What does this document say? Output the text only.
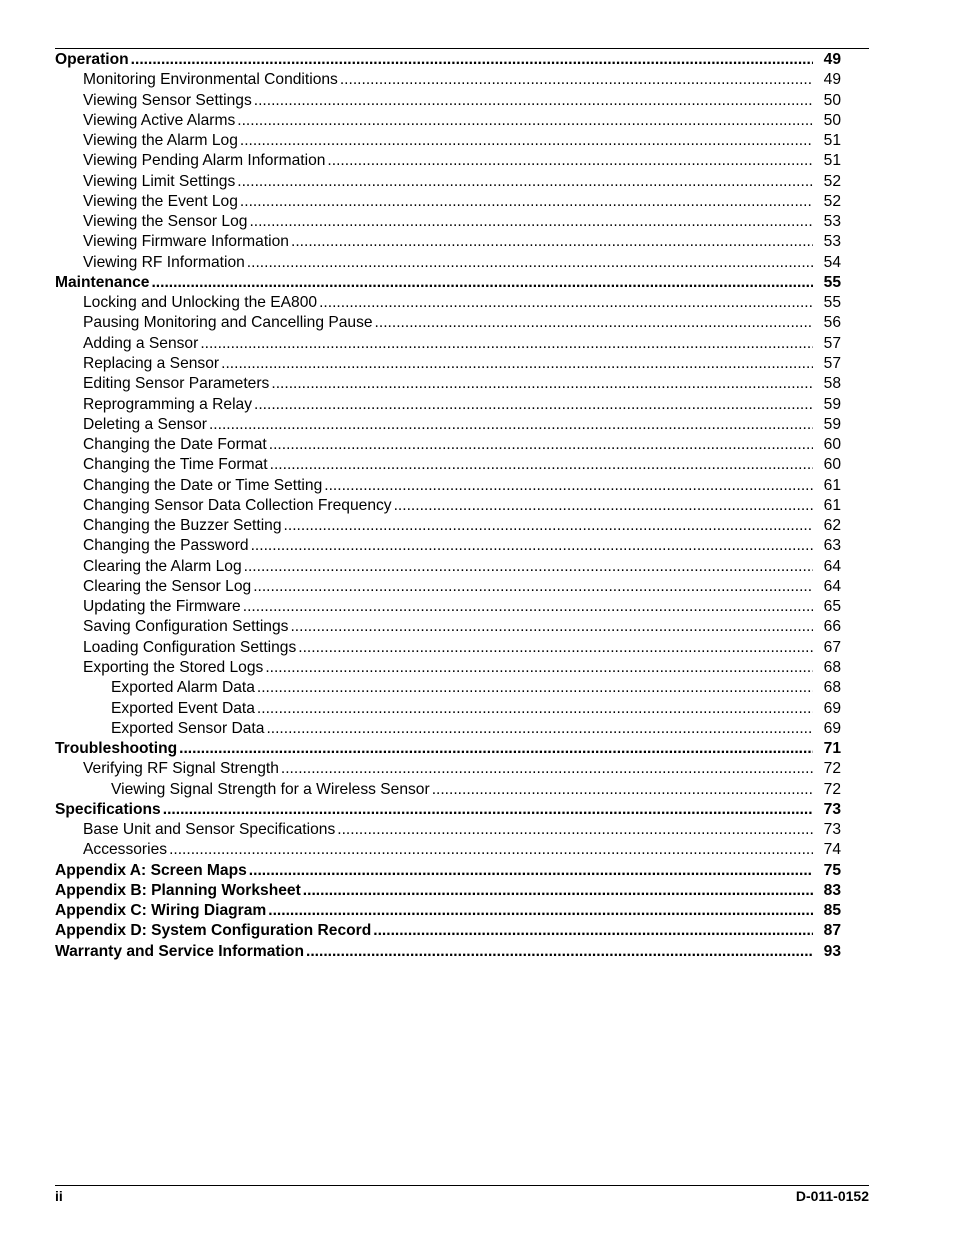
Operation .....	49
Monitoring Environmental Conditions .....	49
Viewing Sensor Settings .....	50
Viewing Active Alarms .....	50
Viewing the Alarm Log .....	51
Viewing Pending Alarm Information .....	51
Viewing Limit Settings .....	52
Viewing the Event Log .....	52
Viewing the Sensor Log .....	53
Viewing Firmware Information .....	53
Viewing RF Information .....	54
Maintenance .....	55
Locking and Unlocking the EA800 .....	55
Pausing Monitoring and Cancelling Pause .....	56
Adding a Sensor .....	57
Replacing a Sensor .....	57
Editing Sensor Parameters .....	58
Reprogramming a Relay .....	59
Deleting a Sensor .....	59
Changing the Date Format .....	60
Changing the Time Format .....	60
Changing the Date or Time Setting .....	61
Changing Sensor Data Collection Frequency .....	61
Changing the Buzzer Setting .....	62
Changing the Password .....	63
Clearing the Alarm Log .....	64
Clearing the Sensor Log .....	64
Updating the Firmware .....	65
Saving Configuration Settings .....	66
Loading Configuration Settings .....	67
Exporting the Stored Logs .....	68
Exported Alarm Data .....	68
Exported Event Data .....	69
Exported Sensor Data .....	69
Troubleshooting .....	71
Verifying RF Signal Strength .....	72
Viewing Signal Strength for a Wireless Sensor .....	72
Specifications .....	73
Base Unit and Sensor Specifications .....	73
Accessories .....	74
Appendix A: Screen Maps .....	75
Appendix B: Planning Worksheet .....	83
Appendix C: Wiring Diagram .....	85
Appendix D: System Configuration Record .....	87
Warranty and Service Information .....	93
ii	D-011-0152
